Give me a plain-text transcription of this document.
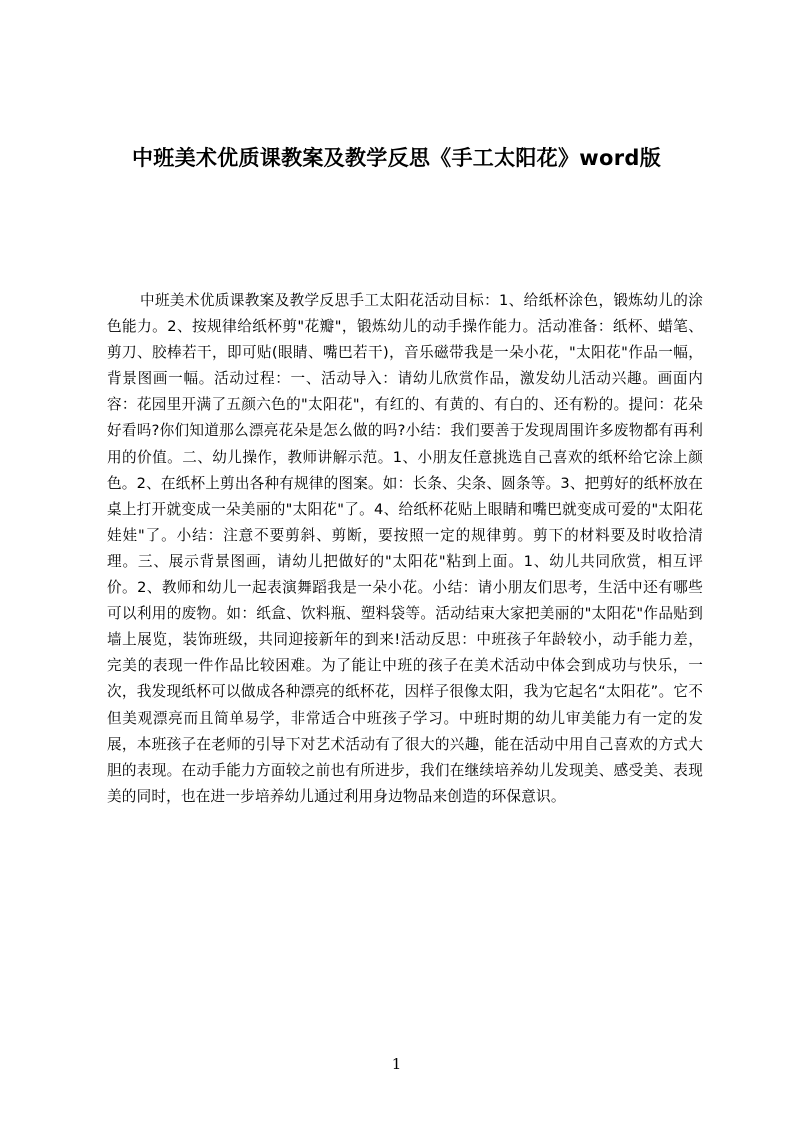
中班美术优质课教案及教学反思《手工太阳花》word版

中班美术优质课教案及教学反思手工太阳花活动目标：1、给纸杯涂色，锻炼幼儿的涂色能力。2、按规律给纸杯剪"花瓣"，锻炼幼儿的动手操作能力。活动准备：纸杯、蜡笔、剪刀、胶棒若干，即可贴(眼睛、嘴巴若干)，音乐磁带我是一朵小花，"太阳花"作品一幅，背景图画一幅。活动过程：一、活动导入：请幼儿欣赏作品，激发幼儿活动兴趣。画面内容：花园里开满了五颜六色的"太阳花"，有红的、有黄的、有白的、还有粉的。提问：花朵好看吗?你们知道那么漂亮花朵是怎么做的吗?小结：我们要善于发现周围许多废物都有再利用的价值。二、幼儿操作，教师讲解示范。1、小朋友任意挑选自己喜欢的纸杯给它涂上颜色。2、在纸杯上剪出各种有规律的图案。如：长条、尖条、圆条等。3、把剪好的纸杯放在桌上打开就变成一朵美丽的"太阳花"了。4、给纸杯花贴上眼睛和嘴巴就变成可爱的"太阳花娃娃"了。小结：注意不要剪斜、剪断，要按照一定的规律剪。剪下的材料要及时收拾清理。三、展示背景图画，请幼儿把做好的"太阳花"粘到上面。1、幼儿共同欣赏，相互评价。2、教师和幼儿一起表演舞蹈我是一朵小花。小结：请小朋友们思考，生活中还有哪些可以利用的废物。如：纸盒、饮料瓶、塑料袋等。活动结束大家把美丽的"太阳花"作品贴到墙上展览，装饰班级，共同迎接新年的到来!活动反思：中班孩子年龄较小，动手能力差，完美的表现一件作品比较困难。为了能让中班的孩子在美术活动中体会到成功与快乐，一次，我发现纸杯可以做成各种漂亮的纸杯花，因样子很像太阳，我为它起名“太阳花”。它不但美观漂亮而且简单易学，非常适合中班孩子学习。中班时期的幼儿审美能力有一定的发展，本班孩子在老师的引导下对艺术活动有了很大的兴趣，能在活动中用自己喜欢的方式大胆的表现。在动手能力方面较之前也有所进步，我们在继续培养幼儿发现美、感受美、表现美的同时，也在进一步培养幼儿通过利用身边物品来创造的环保意识。

1
